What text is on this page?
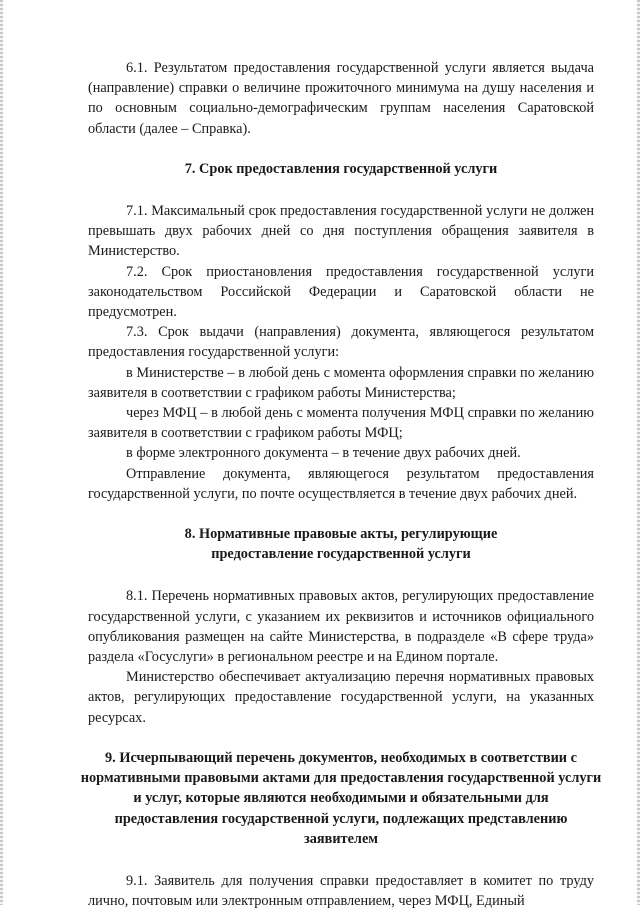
6.1. Результатом предоставления государственной услуги является выдача (направление) справки о величине прожиточного минимума на душу населения и по основным социально-демографическим группам населения Саратовской области (далее – Справка).

7. Срок предоставления государственной услуги

7.1. Максимальный срок предоставления государственной услуги не должен превышать двух рабочих дней со дня поступления обращения заявителя в Министерство.

7.2. Срок приостановления предоставления государственной услуги законодательством Российской Федерации и Саратовской области не предусмотрен.

7.3. Срок выдачи (направления) документа, являющегося результатом предоставления государственной услуги:

в Министерстве – в любой день с момента оформления справки по желанию заявителя в соответствии с графиком работы Министерства;

через МФЦ – в любой день с момента получения МФЦ справки по желанию заявителя в соответствии с графиком работы МФЦ;

в форме электронного документа – в течение двух рабочих дней.

Отправление документа, являющегося результатом предоставления государственной услуги, по почте осуществляется в течение двух рабочих дней.

8. Нормативные правовые акты, регулирующие

предоставление государственной услуги

8.1. Перечень нормативных правовых актов, регулирующих предоставление государственной услуги, с указанием их реквизитов и источников официального опубликования размещен на сайте Министерства, в подразделе «В сфере труда» раздела «Госуслуги» в региональном реестре и на Едином портале.

Министерство обеспечивает актуализацию перечня нормативных правовых актов, регулирующих предоставление государственной услуги, на указанных ресурсах.

9. Исчерпывающий перечень документов, необходимых в соответствии с нормативными правовыми актами для предоставления государственной услуги и услуг, которые являются необходимыми и обязательными для предоставления государственной услуги, подлежащих представлению заявителем

9.1. Заявитель для получения справки предоставляет в комитет по труду лично, почтовым или электронным отправлением, через МФЦ, Единый
